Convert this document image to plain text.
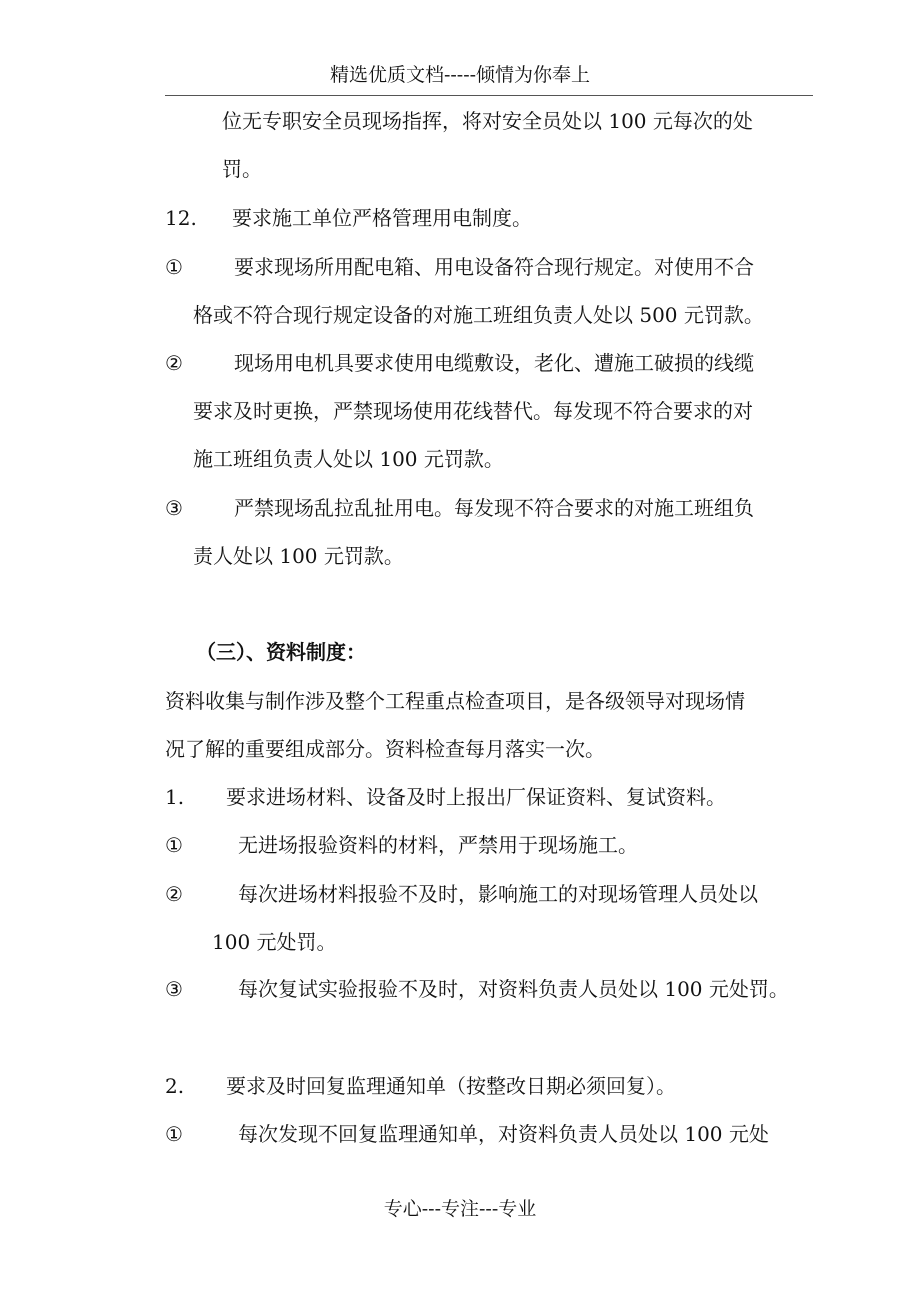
精选优质文档-----倾情为你奉上
位无专职安全员现场指挥，将对安全员处以 100 元每次的处
罚。
12. 要求施工单位严格管理用电制度。
①	要求现场所用配电箱、用电设备符合现行规定。对使用不合
格或不符合现行规定设备的对施工班组负责人处以 500 元罚款。
②	现场用电机具要求使用电缆敷设，老化、遭施工破损的线缆
要求及时更换，严禁现场使用花线替代。每发现不符合要求的对
施工班组负责人处以 100 元罚款。
③	严禁现场乱拉乱扯用电。每发现不符合要求的对施工班组负
责人处以 100 元罚款。
（三）、资料制度：
资料收集与制作涉及整个工程重点检查项目，是各级领导对现场情
况了解的重要组成部分。资料检查每月落实一次。
1. 要求进场材料、设备及时上报出厂保证资料、复试资料。
①	无进场报验资料的材料，严禁用于现场施工。
②	每次进场材料报验不及时，影响施工的对现场管理人员处以
100 元处罚。
③	每次复试实验报验不及时，对资料负责人员处以 100 元处罚。
2. 要求及时回复监理通知单（按整改日期必须回复）。
①	每次发现不回复监理通知单，对资料负责人员处以 100 元处
专心---专注---专业
